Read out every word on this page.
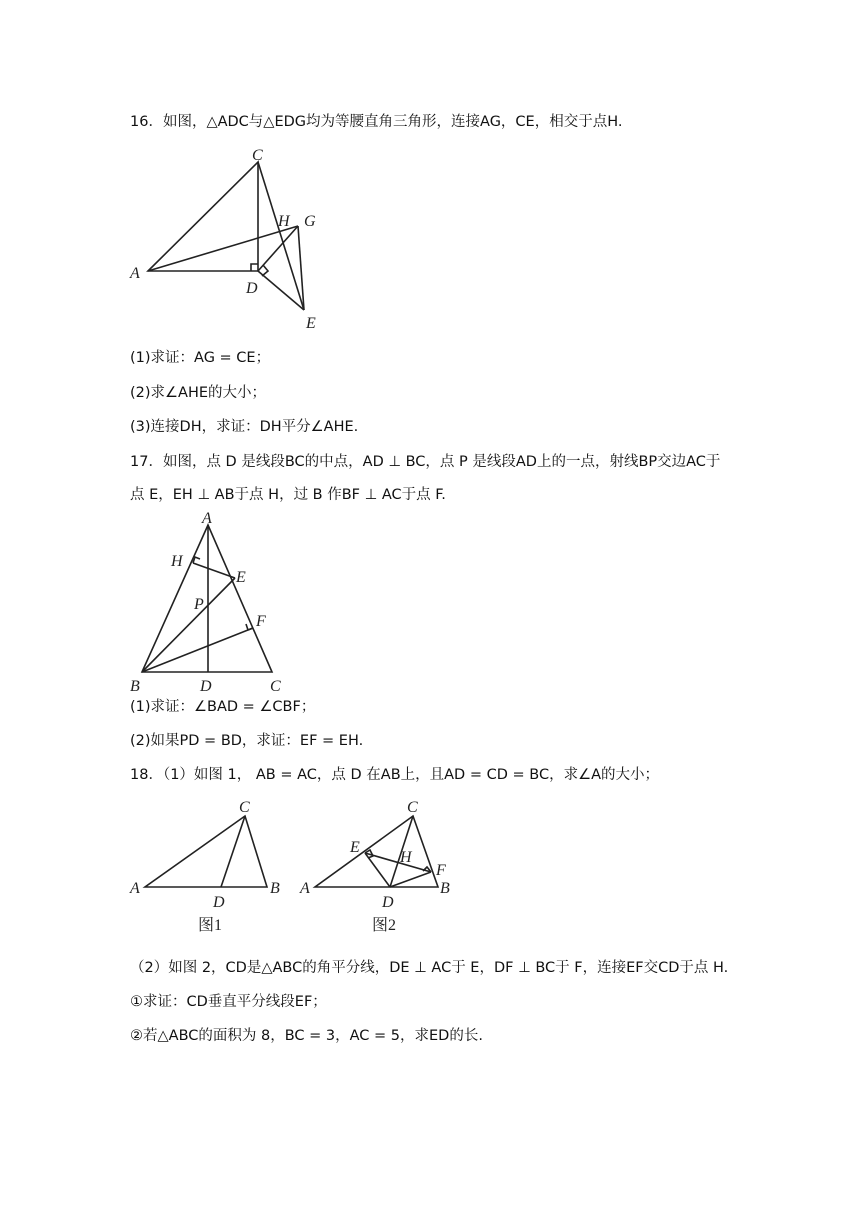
16．如图，△ADC与△EDG均为等腰直角三角形，连接AG，CE，相交于点H.
C
A
D
H G
E
(1)求证：AG = CE；
(2)求∠AHE的大小；
(3)连接DH，求证：DH平分∠AHE.
17．如图，点 D 是线段BC的中点，AD ⊥ BC，点 P 是线段AD上的一点，射线BP交边AC于
点 E，EH ⊥ AB于点 H，过 B 作BF ⊥ AC于点 F.
A
H
E
P
F
B	D	C
(1)求证：∠BAD = ∠CBF；
(2)如果PD = BD，求证：EF = EH.
18．（1）如图 1， AB = AC，点 D 在AB上，且AD = CD = BC，求∠A的大小；
C
A
D
B
图1
C
E
H
F
A
D
B
图2
（2）如图 2，CD是△ABC的角平分线，DE ⊥ AC于 E，DF ⊥ BC于 F，连接EF交CD于点 H.
①求证：CD垂直平分线段EF；
②若△ABC的面积为 8，BC = 3，AC = 5，求ED的长.
